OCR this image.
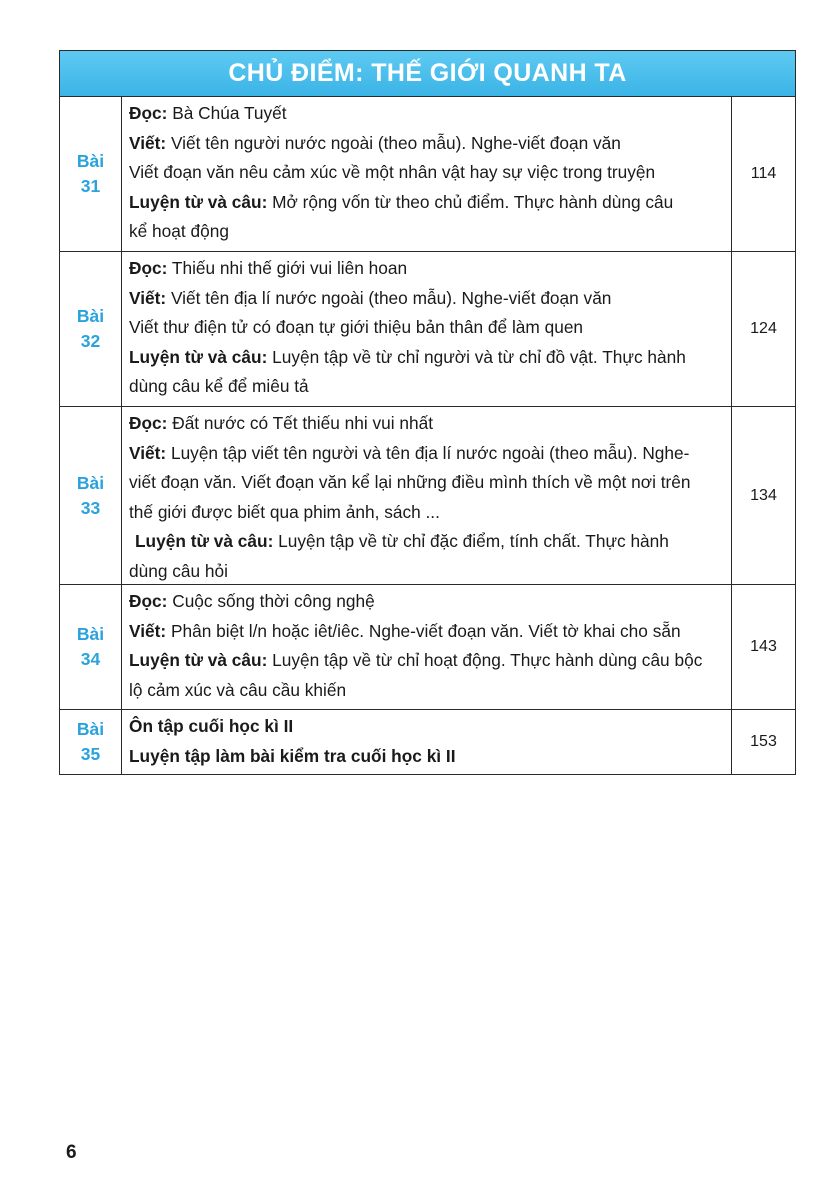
CHỦ ĐIỂM: THẾ GIỚI QUANH TA
Bài
31
Đọc: Bà Chúa Tuyết
Viết: Viết tên người nước ngoài (theo mẫu). Nghe-viết đoạn văn
Viết đoạn văn nêu cảm xúc về một nhân vật hay sự việc trong truyện
Luyện từ và câu: Mở rộng vốn từ theo chủ điểm. Thực hành dùng câu
kể hoạt động
114
Bài
32
Đọc: Thiếu nhi thế giới vui liên hoan
Viết: Viết tên địa lí nước ngoài (theo mẫu). Nghe-viết đoạn văn
Viết thư điện tử có đoạn tự giới thiệu bản thân để làm quen
Luyện từ và câu: Luyện tập về từ chỉ người và từ chỉ đồ vật. Thực hành
dùng câu kể để miêu tả
124
Bài
33
Đọc: Đất nước có Tết thiếu nhi vui nhất
Viết: Luyện tập viết tên người và tên địa lí nước ngoài (theo mẫu). Nghe-
viết đoạn văn. Viết đoạn văn kể lại những điều mình thích về một nơi trên
thế giới được biết qua phim ảnh, sách ...
Luyện từ và câu: Luyện tập về từ chỉ đặc điểm, tính chất. Thực hành
dùng câu hỏi
134
Bài
34
Đọc: Cuộc sống thời công nghệ
Viết: Phân biệt l/n hoặc iêt/iêc. Nghe-viết đoạn văn. Viết tờ khai cho sẵn
Luyện từ và câu: Luyện tập về từ chỉ hoạt động. Thực hành dùng câu bộc
lộ cảm xúc và câu cầu khiến
143
Bài
35
Ôn tập cuối học kì II
Luyện tập làm bài kiểm tra cuối học kì II
153
6
